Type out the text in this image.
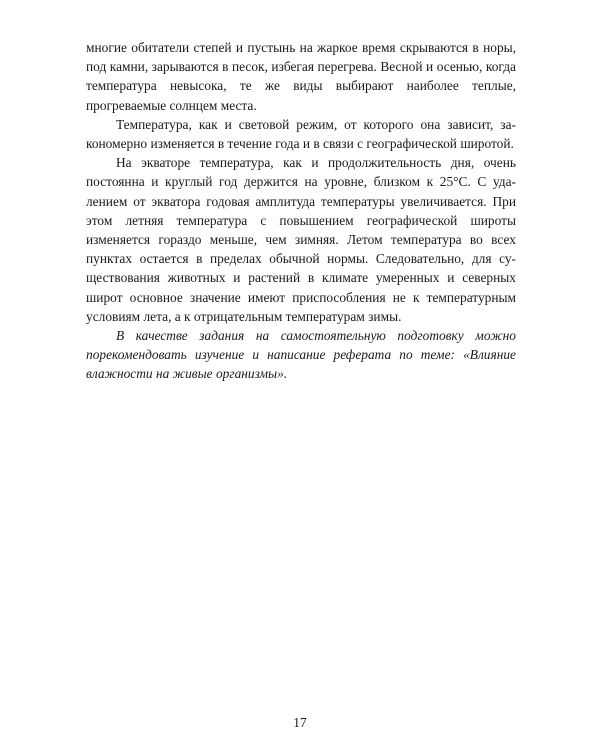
многие обитатели степей и пустынь на жаркое время скрываются в норы, под камни, зарываются в песок, избегая перегрева. Весной и осенью, когда температура невысока, те же виды выбирают наиболее теплые, прогреваемые солнцем места.

Температура, как и световой режим, от которого она зависит, закономерно изменяется в течение года и в связи с географической широтой.

На экваторе температура, как и продолжительность дня, очень постоянна и круглый год держится на уровне, близком к 25°С. С удалением от экватора годовая амплитуда температуры увеличивается. При этом летняя температура с повышением географической широты изменяется гораздо меньше, чем зимняя. Летом температура во всех пунктах остается в пределах обычной нормы. Следовательно, для существования животных и растений в климате умеренных и северных широт основное значение имеют приспособления не к температурным условиям лета, а к отрицательным температурам зимы.

В качестве задания на самостоятельную подготовку можно порекомендовать изучение и написание реферата по теме: «Влияние влажности на живые организмы».

17
